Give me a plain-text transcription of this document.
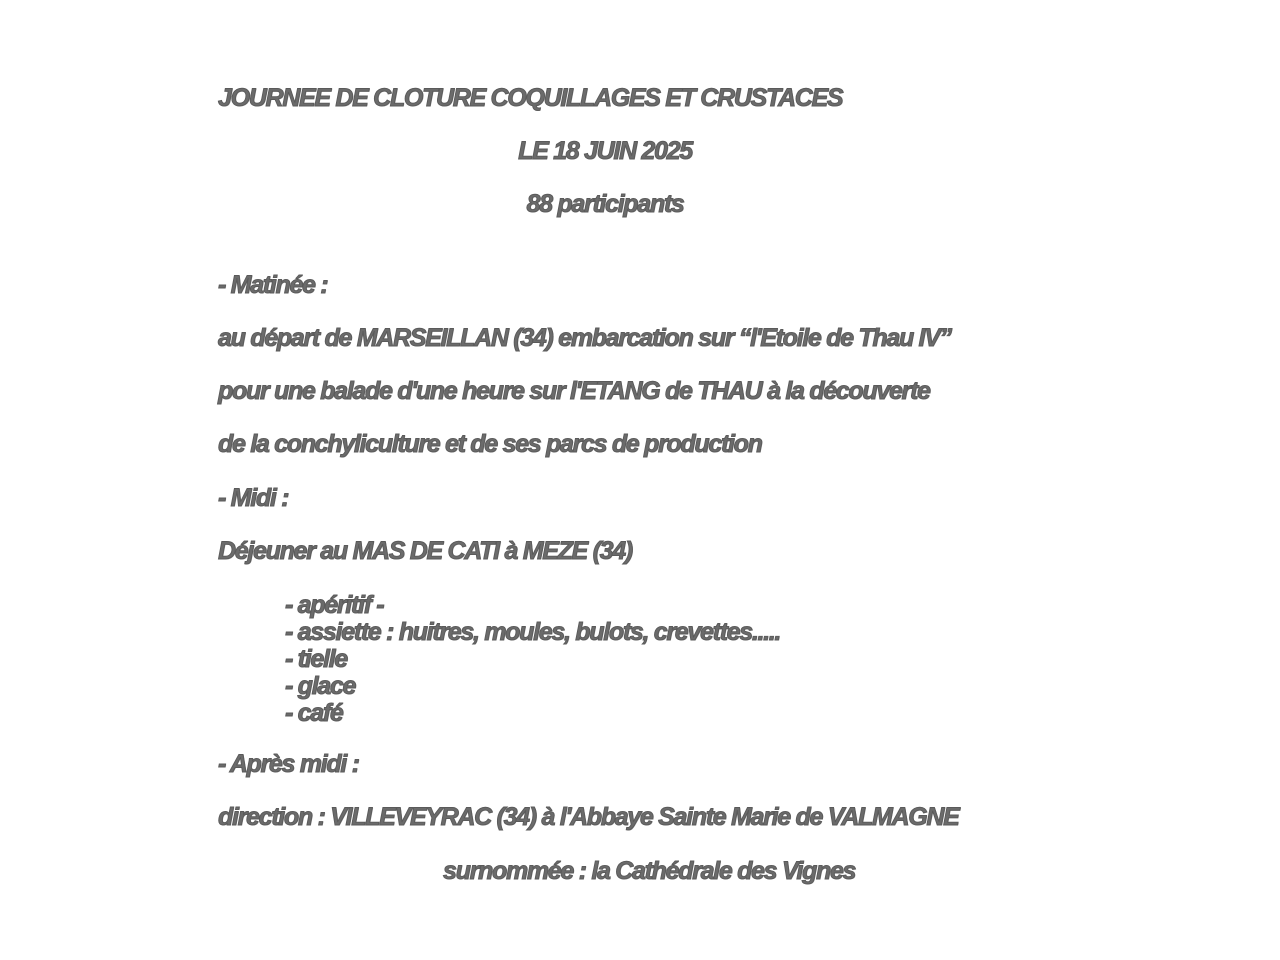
JOURNEE DE CLOTURE COQUILLAGES ET CRUSTACES
LE 18 JUIN 2025
88 participants
- Matinée :
au départ de MARSEILLAN (34) embarcation sur “l'Etoile de Thau IV”
pour une balade d'une heure sur l'ETANG de THAU à la découverte
de la conchyliculture et de ses parcs de production
- Midi :
Déjeuner au MAS DE CATI à MEZE (34)
- apéritif -
- assiette : huitres, moules, bulots, crevettes.....
- tielle
- glace
- café
- Après midi :
direction : VILLEVEYRAC (34) à l'Abbaye Sainte Marie de VALMAGNE
surnommée : la Cathédrale des Vignes
